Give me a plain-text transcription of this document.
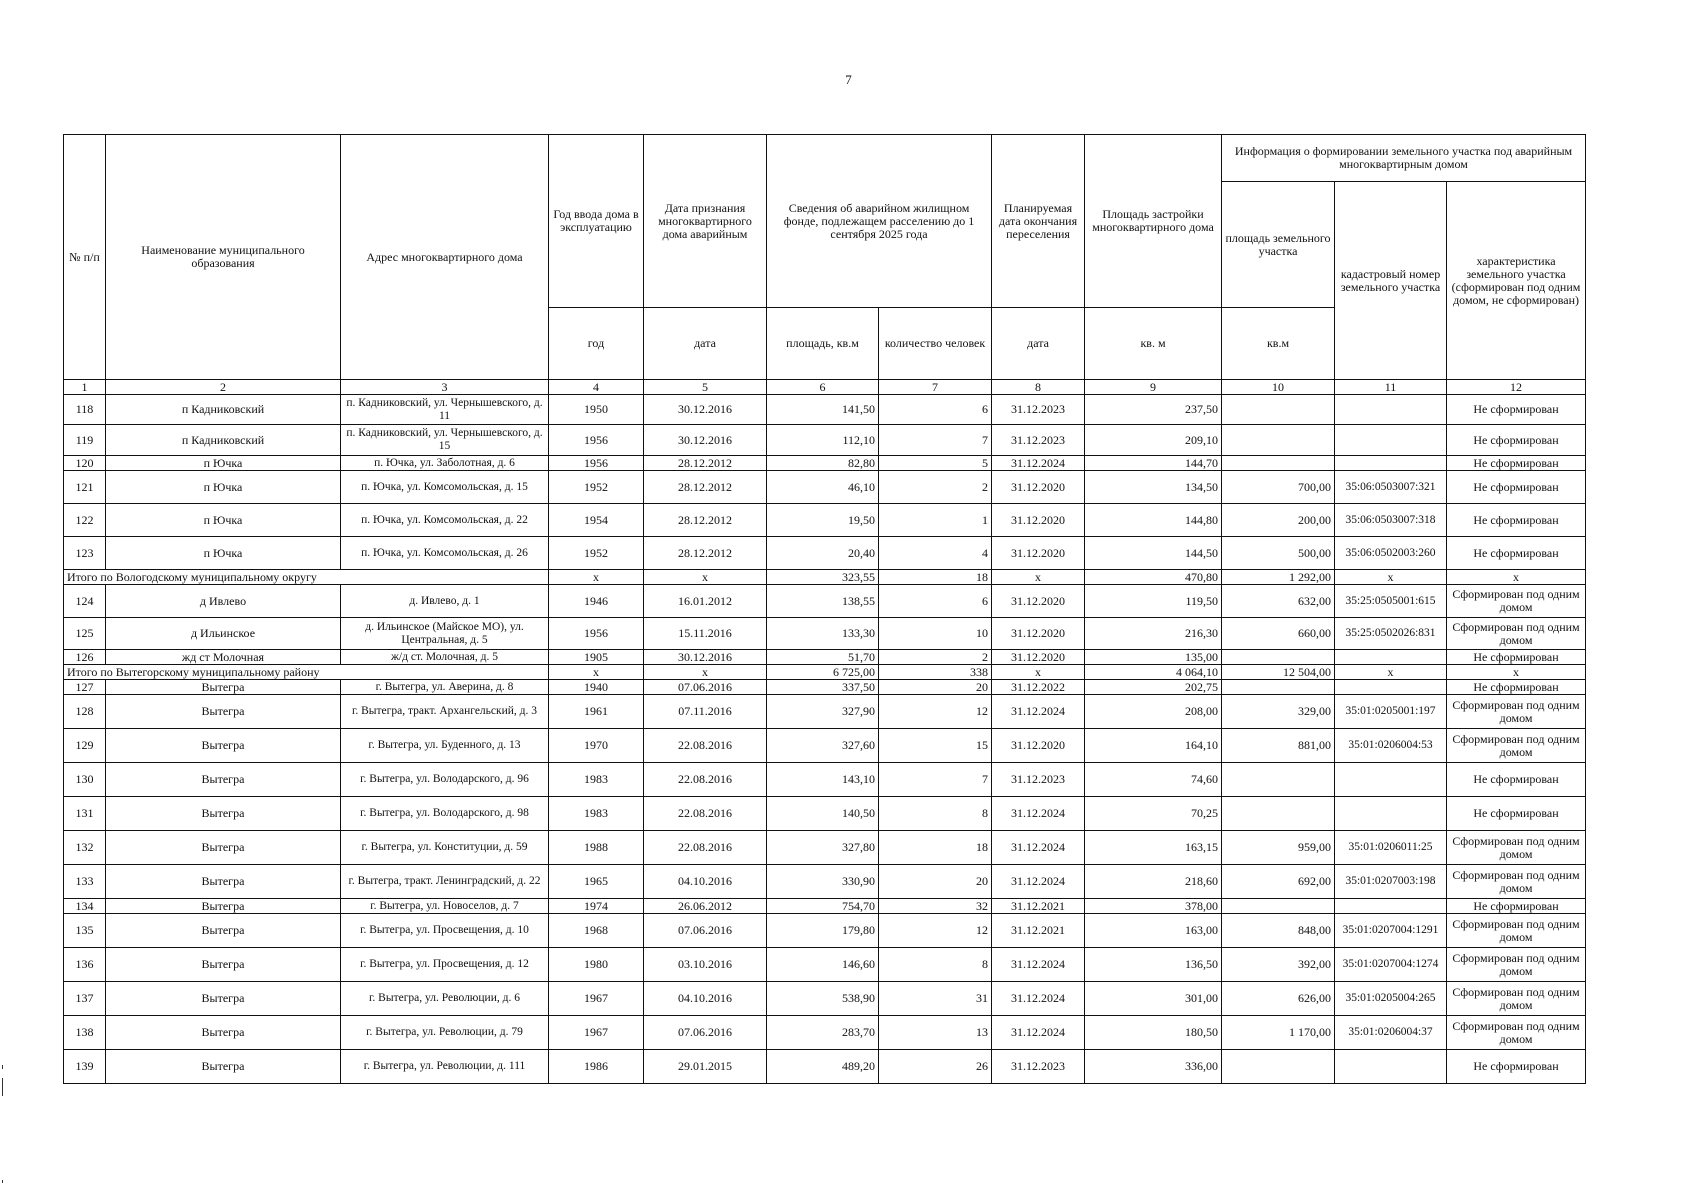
7
№ п/п	Наименование муниципального образования	Адрес многоквартирного дома	Год ввода дома в эксплуатацию	Дата признания многоквартирного дома аварийным	Сведения об аварийном жилищном фонде, подлежащем расселению до 1 сентября 2025 года		Планируемая дата окончания переселения	Площадь застройки многоквартирного дома	Информация о формировании земельного участка под аварийным многоквартирным домом		
									площадь земельного участка	кадастровый номер земельного участка	характеристика земельного участка (сформирован под одним домом, не сформирован)
			год	дата	площадь, кв.м	количество человек	дата	кв. м	кв.м		
1	2	3	4	5	6	7	8	9	10	11	12
118	п Кадниковский	п. Кадниковский, ул. Чернышевского, д. 11	1950	30.12.2016	141,50	6	31.12.2023	237,50			Не сформирован
119	п Кадниковский	п. Кадниковский, ул. Чернышевского, д. 15	1956	30.12.2016	112,10	7	31.12.2023	209,10			Не сформирован
120	п Ючка	п. Ючка, ул. Заболотная, д. 6	1956	28.12.2012	82,80	5	31.12.2024	144,70			Не сформирован
121	п Ючка	п. Ючка, ул. Комсомольская, д. 15	1952	28.12.2012	46,10	2	31.12.2020	134,50	700,00	35:06:0503007:321	Не сформирован
122	п Ючка	п. Ючка, ул. Комсомольская, д. 22	1954	28.12.2012	19,50	1	31.12.2020	144,80	200,00	35:06:0503007:318	Не сформирован
123	п Ючка	п. Ючка, ул. Комсомольская, д. 26	1952	28.12.2012	20,40	4	31.12.2020	144,50	500,00	35:06:0502003:260	Не сформирован
Итого по Вологодскому муниципальному округу			х	х	323,55	18	х	470,80	1 292,00	х	х
124	д Ивлево	д. Ивлево, д. 1	1946	16.01.2012	138,55	6	31.12.2020	119,50	632,00	35:25:0505001:615	Сформирован под одним домом
125	д Ильинское	д. Ильинское (Майское МО), ул. Центральная, д. 5	1956	15.11.2016	133,30	10	31.12.2020	216,30	660,00	35:25:0502026:831	Сформирован под одним домом
126	жд ст Молочная	ж/д ст. Молочная, д. 5	1905	30.12.2016	51,70	2	31.12.2020	135,00			Не сформирован
Итого по Вытегорскому муниципальному району			х	х	6 725,00	338	х	4 064,10	12 504,00	х	х
127	Вытегра	г. Вытегра, ул. Аверина, д. 8	1940	07.06.2016	337,50	20	31.12.2022	202,75			Не сформирован
128	Вытегра	г. Вытегра, тракт. Архангельский, д. 3	1961	07.11.2016	327,90	12	31.12.2024	208,00	329,00	35:01:0205001:197	Сформирован под одним домом
129	Вытегра	г. Вытегра, ул. Буденного, д. 13	1970	22.08.2016	327,60	15	31.12.2020	164,10	881,00	35:01:0206004:53	Сформирован под одним домом
130	Вытегра	г. Вытегра, ул. Володарского, д. 96	1983	22.08.2016	143,10	7	31.12.2023	74,60			Не сформирован
131	Вытегра	г. Вытегра, ул. Володарского, д. 98	1983	22.08.2016	140,50	8	31.12.2024	70,25			Не сформирован
132	Вытегра	г. Вытегра, ул. Конституции, д. 59	1988	22.08.2016	327,80	18	31.12.2024	163,15	959,00	35:01:0206011:25	Сформирован под одним домом
133	Вытегра	г. Вытегра, тракт. Ленинградский, д. 22	1965	04.10.2016	330,90	20	31.12.2024	218,60	692,00	35:01:0207003:198	Сформирован под одним домом
134	Вытегра	г. Вытегра, ул. Новоселов, д. 7	1974	26.06.2012	754,70	32	31.12.2021	378,00			Не сформирован
135	Вытегра	г. Вытегра, ул. Просвещения, д. 10	1968	07.06.2016	179,80	12	31.12.2021	163,00	848,00	35:01:0207004:1291	Сформирован под одним домом
136	Вытегра	г. Вытегра, ул. Просвещения, д. 12	1980	03.10.2016	146,60	8	31.12.2024	136,50	392,00	35:01:0207004:1274	Сформирован под одним домом
137	Вытегра	г. Вытегра, ул. Революции, д. 6	1967	04.10.2016	538,90	31	31.12.2024	301,00	626,00	35:01:0205004:265	Сформирован под одним домом
138	Вытегра	г. Вытегра, ул. Революции, д. 79	1967	07.06.2016	283,70	13	31.12.2024	180,50	1 170,00	35:01:0206004:37	Сформирован под одним домом
139	Вытегра	г. Вытегра, ул. Революции, д. 111	1986	29.01.2015	489,20	26	31.12.2023	336,00			Не сформирован
